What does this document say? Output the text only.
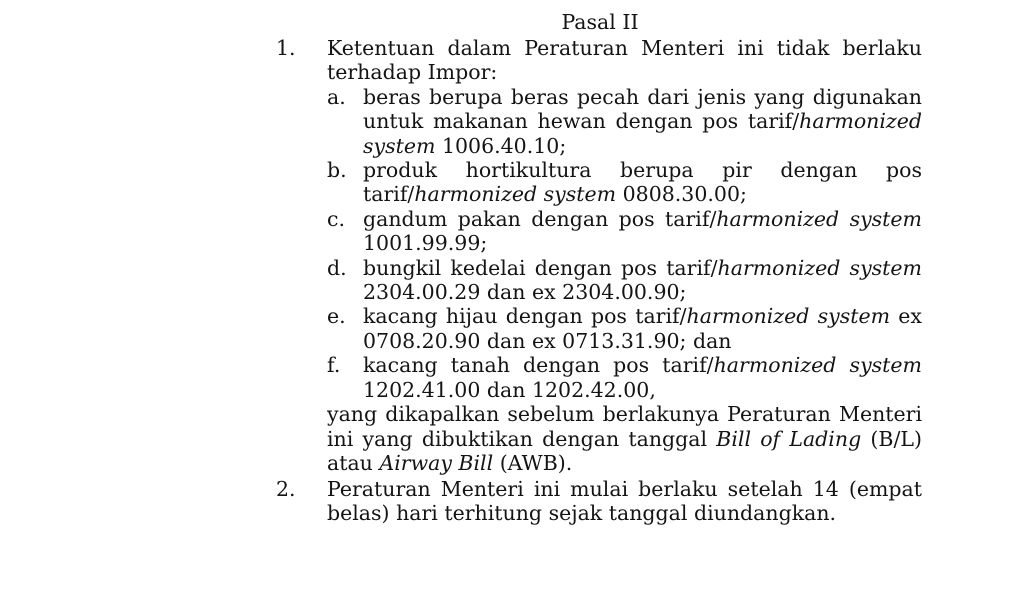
Pasal II
1.	Ketentuan dalam Peraturan Menteri ini tidak berlaku
terhadap Impor:
a. beras berupa beras pecah dari jenis yang digunakan untuk makanan hewan dengan pos tarif/harmonized system 1006.40.10;
b. produk hortikultura berupa pir dengan pos tarif/harmonized system 0808.30.00;
c. gandum pakan dengan pos tarif/harmonized system 1001.99.99;
d. bungkil kedelai dengan pos tarif/harmonized system 2304.00.29 dan ex 2304.00.90;
e. kacang hijau dengan pos tarif/harmonized system ex 0708.20.90 dan ex 0713.31.90; dan
f.	kacang tanah dengan pos tarif/harmonized system 1202.41.00 dan 1202.42.00,
yang dikapalkan sebelum berlakunya Peraturan Menteri ini yang dibuktikan dengan tanggal Bill of Lading (B/L) atau Airway Bill (AWB).
2.	Peraturan Menteri ini mulai berlaku setelah 14 (empat belas) hari terhitung sejak tanggal diundangkan.
